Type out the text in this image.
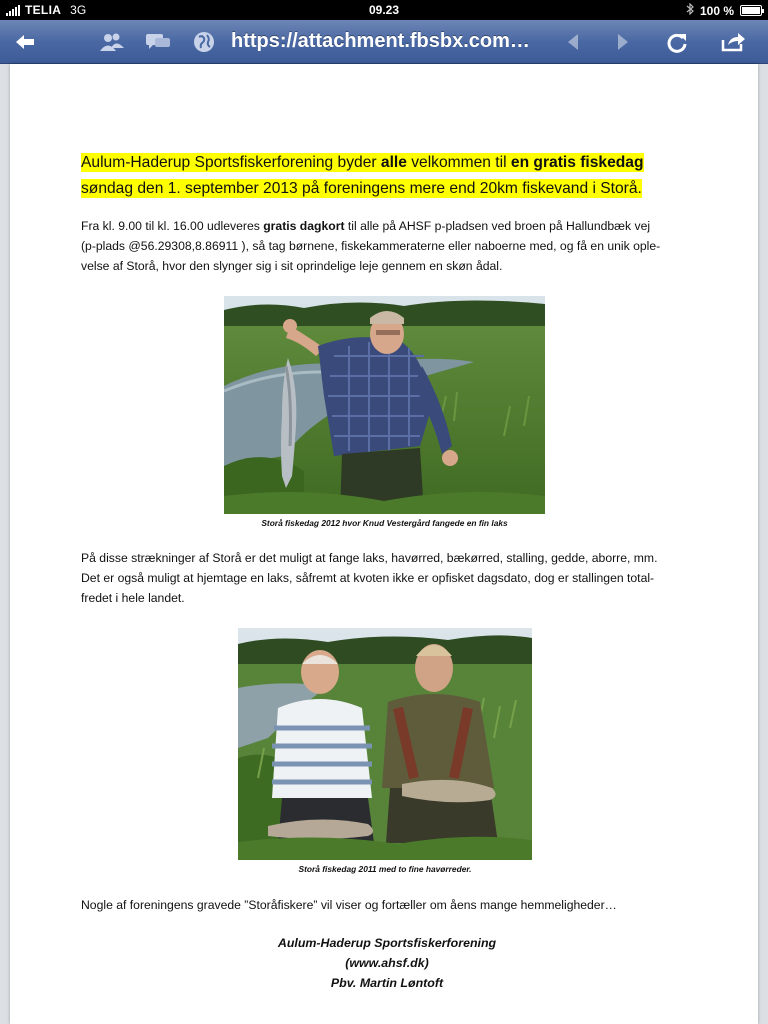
TELIA 3G	09.23	100 %
https://attachment.fbsbx.com…
Aulum-Haderup Sportsfiskerforening byder alle velkommen til en gratis fiskedag
søndag den 1. september 2013 på foreningens mere end 20km fiskevand i Storå.
Fra kl. 9.00 til kl. 16.00 udleveres gratis dagkort til alle på AHSF p-pladsen ved broen på Hallundbæk vej
(p-plads @56.29308,8.86911 ), så tag børnene, fiskekammeraterne eller naboerne med, og få en unik ople-
velse af Storå, hvor den slynger sig i sit oprindelige leje gennem en skøn ådal.
Storå fiskedag 2012 hvor Knud Vestergård fangede en fin laks
På disse strækninger af Storå er det muligt at fange laks, havørred, bækørred, stalling, gedde, aborre, mm.
Det er også muligt at hjemtage en laks, såfremt at kvoten ikke er opfisket dagsdato, dog er stallingen total-
fredet i hele landet.
Storå fiskedag 2011 med to fine havørreder.
Nogle af foreningens gravede ”Storåfiskere” vil viser og fortæller om åens mange hemmeligheder…
Aulum-Haderup Sportsfiskerforening
(www.ahsf.dk)
Pbv. Martin Løntoft
